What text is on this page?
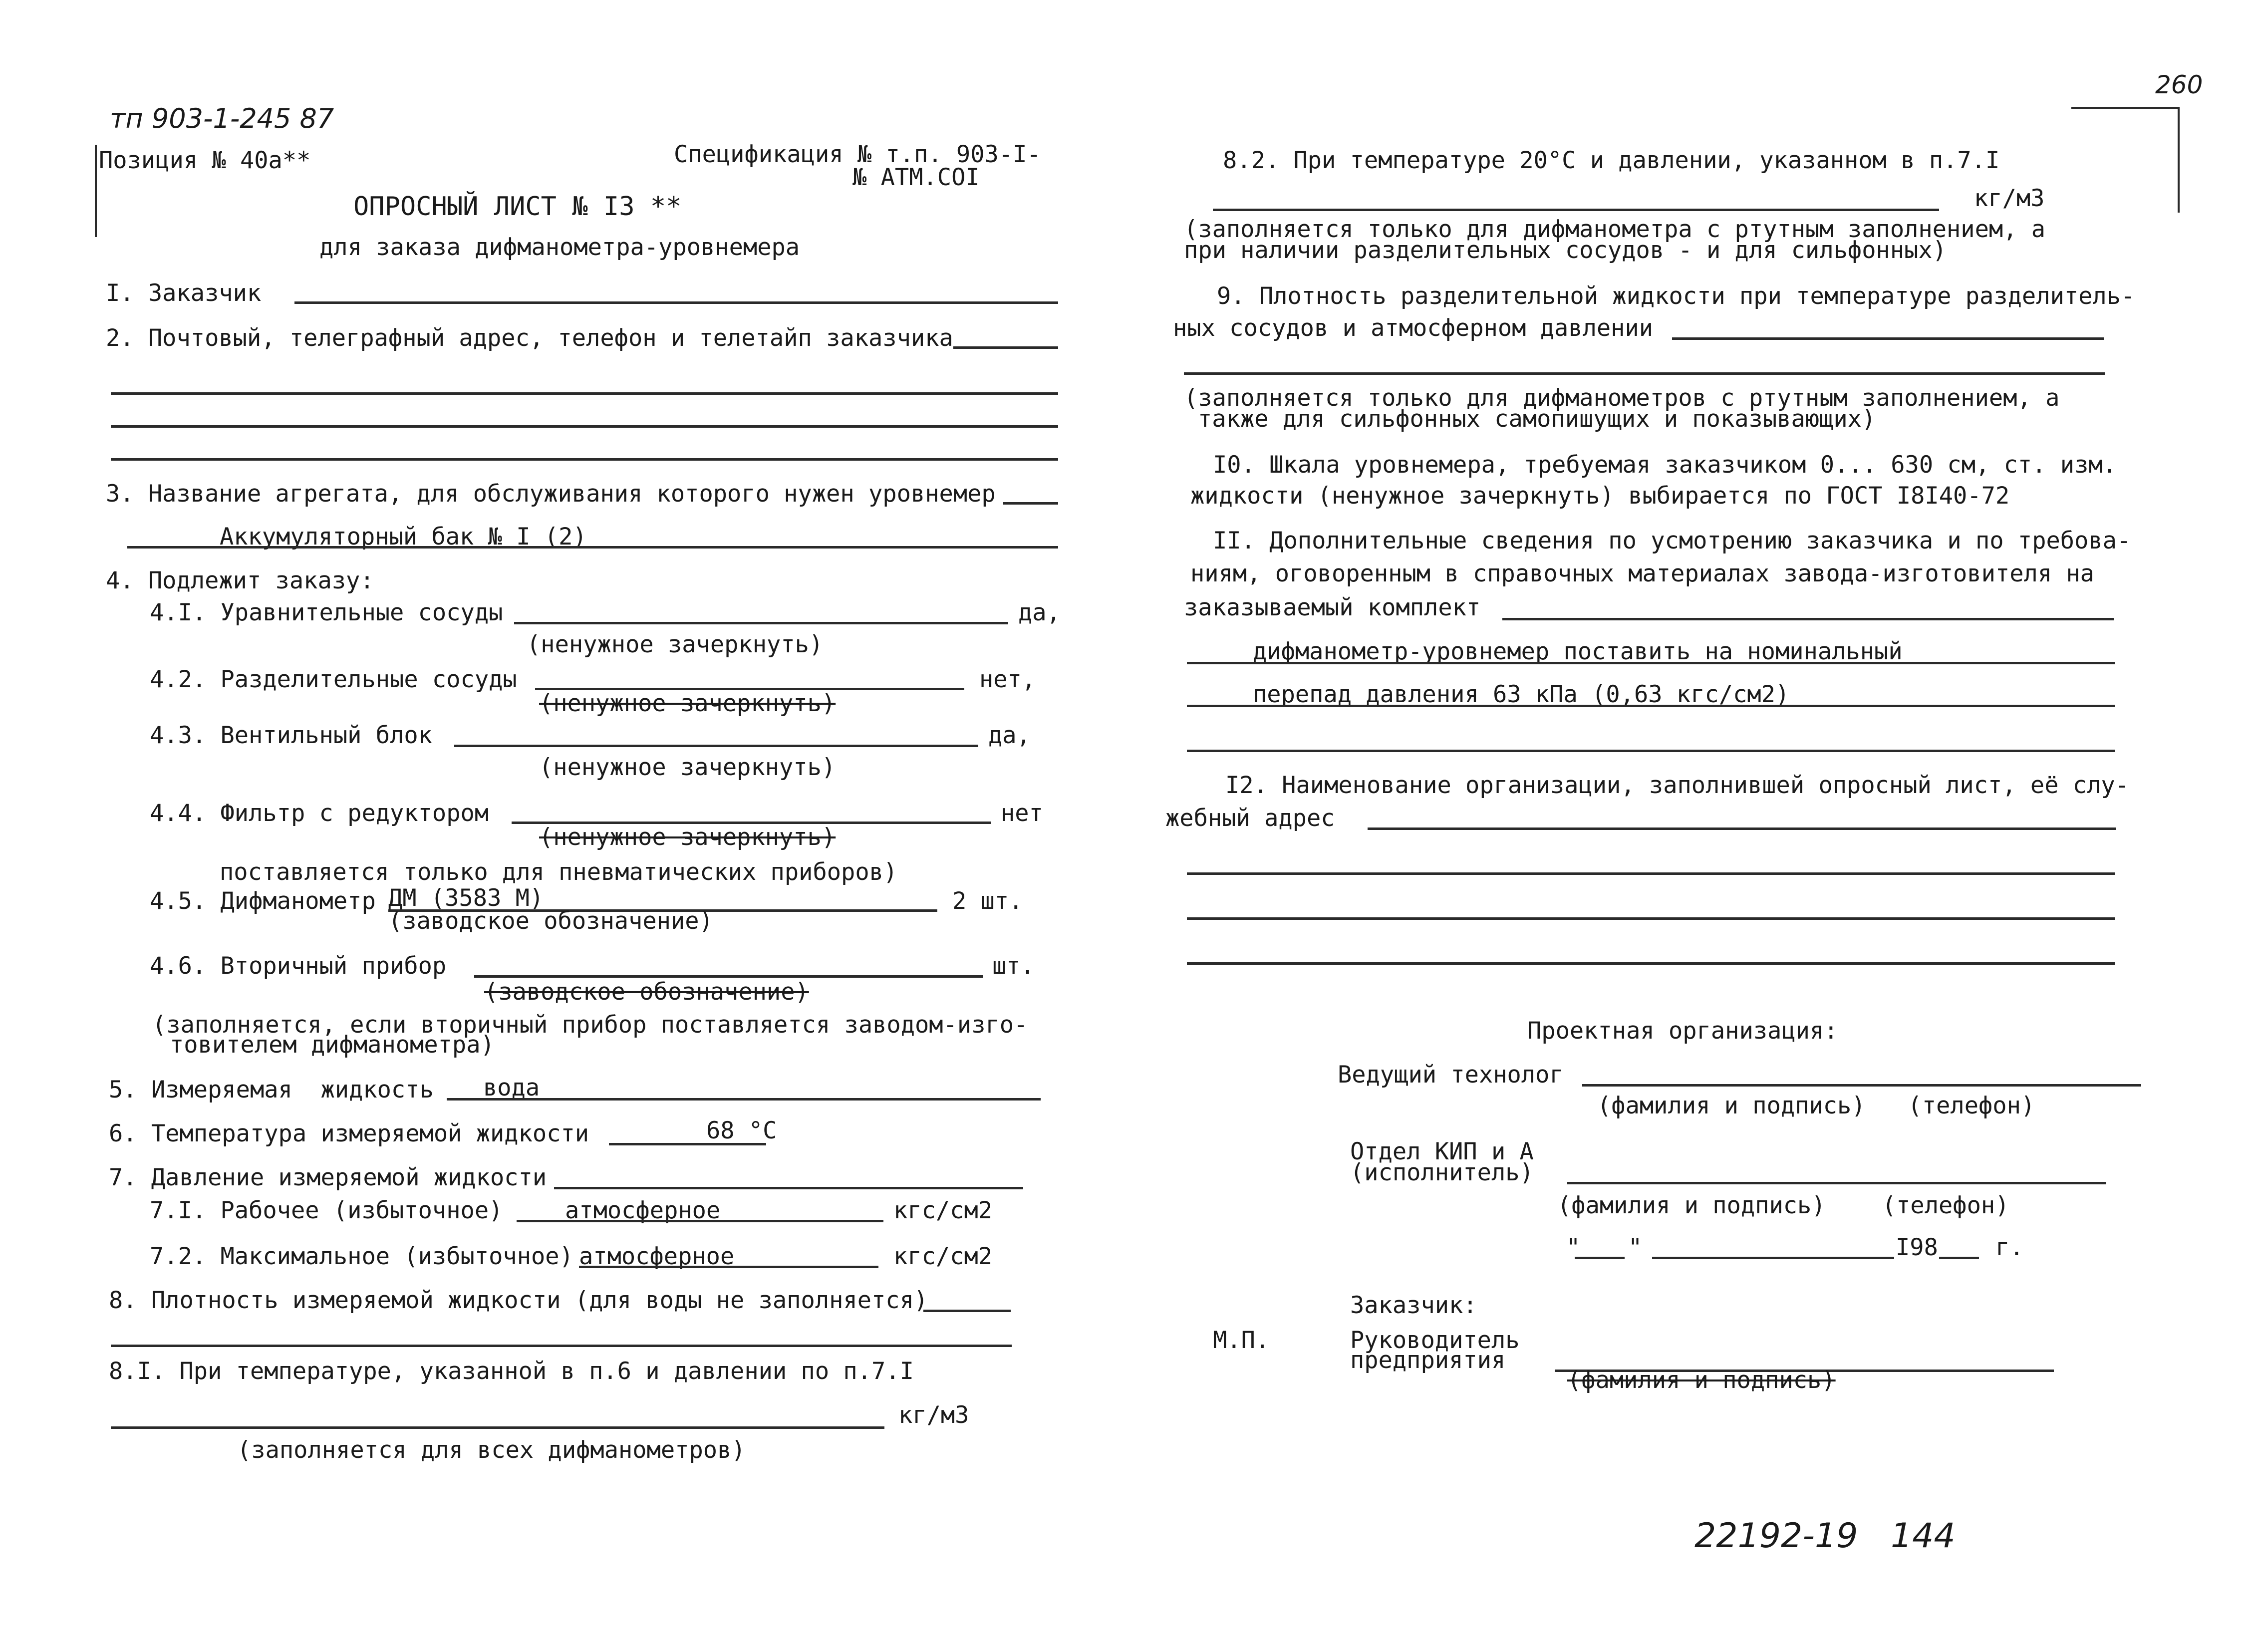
тп 903-1-245 87
260
22192-19 144
Позиция № 40а**	Спецификация № т.п. 903-I-
№ АТМ.СОI
ОПРОСНЫЙ ЛИСТ № I3 **
для заказа дифманометра-уровнемера
I. Заказчик
2. Почтовый, телеграфный адрес, телефон и телетайп заказчика
3. Название агрегата, для обслуживания которого нужен уровнемер
Аккумуляторный бак № I (2)
4. Подлежит заказу:
4.I. Уравнительные сосуды	да,
(ненужное зачеркнуть)
4.2. Разделительные сосуды	нет,
(ненужное зачеркнуть)
4.3. Вентильный блок	да,
(ненужное зачеркнуть)
4.4. Фильтр с редуктором	нет
(ненужное зачеркнуть)
поставляется только для пневматических приборов)
4.5. Дифманометр ДМ (3583 М)	2 шт.
(заводское обозначение)
4.6. Вторичный прибор	шт.
(заводское обозначение)
(заполняется, если вторичный прибор поставляется заводом-изго-
товителем дифманометра)
5. Измеряемая  жидкость вода
6. Температура измеряемой жидкости	68 °С
7. Давление измеряемой жидкости
7.I. Рабочее (избыточное)	атмосферное	кгс/см2
7.2. Максимальное (избыточное) атмосферное	кгс/см2
8. Плотность измеряемой жидкости (для воды не заполняется)
8.I. При температуре, указанной в п.6 и давлении по п.7.I
кг/м3
(заполняется для всех дифманометров)
8.2. При температуре 20°С и давлении, указанном в п.7.I
кг/м3
(заполняется только для дифманометра с ртутным заполнением, а
при наличии разделительных сосудов - и для сильфонных)
9. Плотность разделительной жидкости при температуре разделитель-
ных сосудов и атмосферном давлении
(заполняется только для дифманометров с ртутным заполнением, а
также для сильфонных самопишущих и показывающих)
I0. Шкала уровнемера, требуемая заказчиком 0... 630 см, ст. изм.
жидкости (ненужное зачеркнуть) выбирается по ГОСТ I8I40-72
II. Дополнительные сведения по усмотрению заказчика и по требова-
ниям, оговоренным в справочных материалах завода-изготовителя на
заказываемый комплект
дифманометр-уровнемер поставить на номинальный
перепад давления 63 кПа (0,63 кгс/см2)
I2. Наименование организации, заполнившей опросный лист, её слу-
жебный адрес
Проектная организация:
Ведущий технолог
(фамилия и подпись)   (телефон)
Отдел КИП и А
(исполнитель)
(фамилия и подпись)    (телефон)
" "	I98 г.
Заказчик:
М.П.	Руководитель
предприятия
(фамилия и подпись)
